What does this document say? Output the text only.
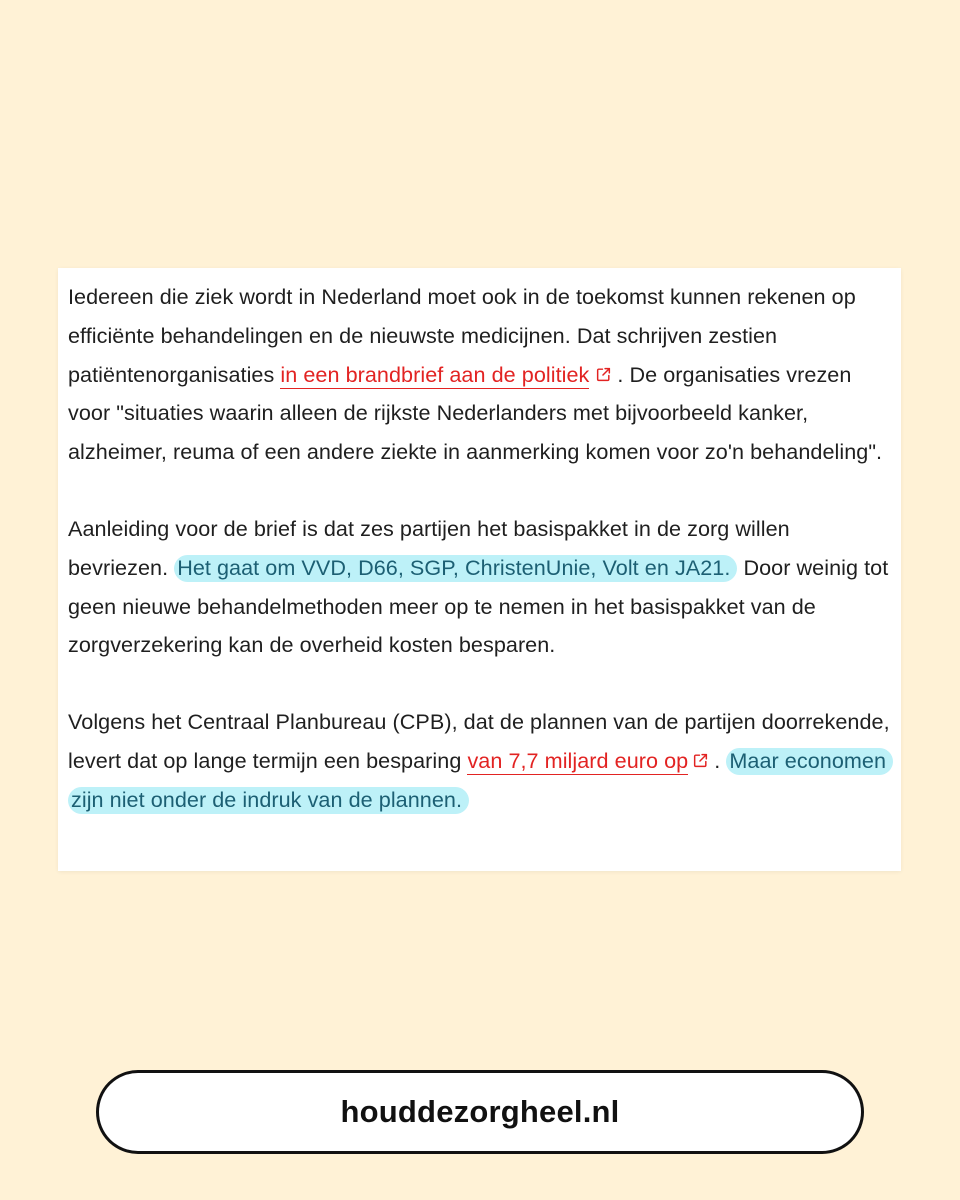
Iedereen die ziek wordt in Nederland moet ook in de toekomst kunnen rekenen op efficiënte behandelingen en de nieuwste medicijnen. Dat schrijven zestien patiëntenorganisaties in een brandbrief aan de politiek . De organisaties vrezen voor "situaties waarin alleen de rijkste Nederlanders met bijvoorbeeld kanker, alzheimer, reuma of een andere ziekte in aanmerking komen voor zo'n behandeling".

Aanleiding voor de brief is dat zes partijen het basispakket in de zorg willen bevriezen. Het gaat om VVD, D66, SGP, ChristenUnie, Volt en JA21. Door weinig tot geen nieuwe behandelmethoden meer op te nemen in het basispakket van de zorgverzekering kan de overheid kosten besparen.

Volgens het Centraal Planbureau (CPB), dat de plannen van de partijen doorrekende, levert dat op lange termijn een besparing van 7,7 miljard euro op . Maar economen zijn niet onder de indruk van de plannen.

houddezorgheel.nl
